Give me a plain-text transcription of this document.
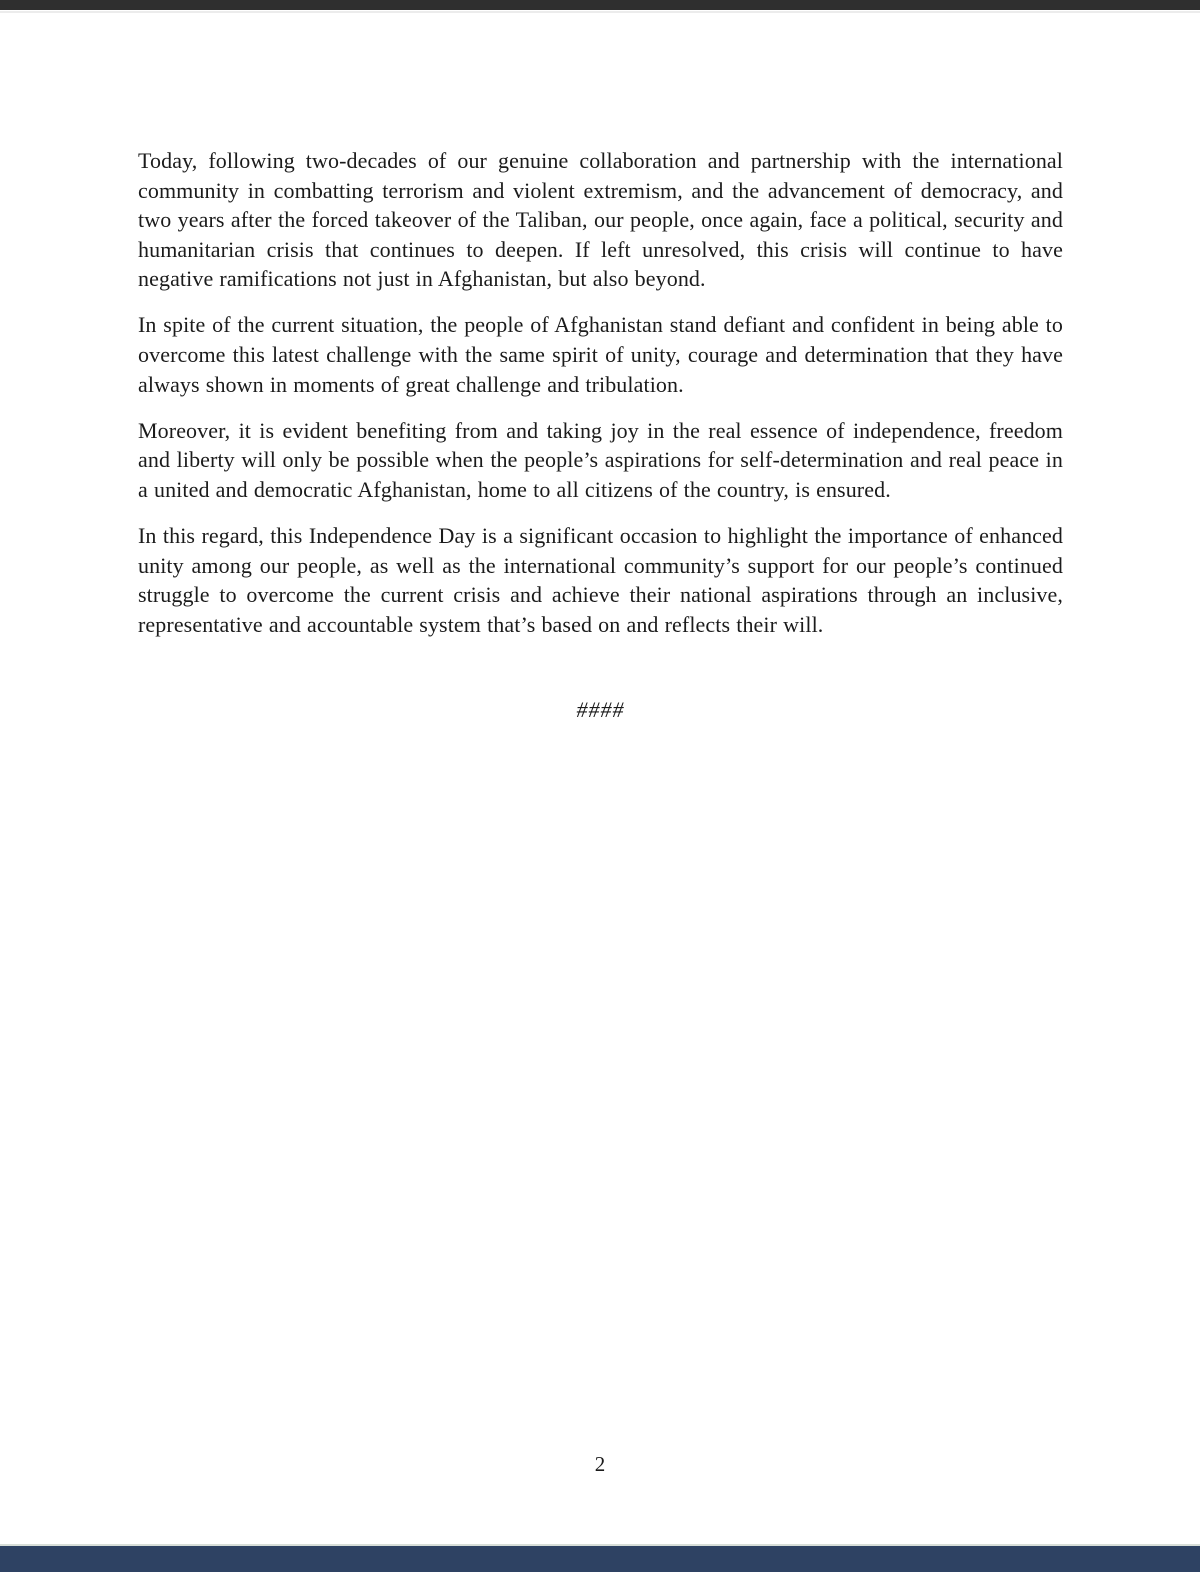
Today, following two-decades of our genuine collaboration and partnership with the international community in combatting terrorism and violent extremism, and the advancement of democracy, and two years after the forced takeover of the Taliban, our people, once again, face a political, security and humanitarian crisis that continues to deepen. If left unresolved, this crisis will continue to have negative ramifications not just in Afghanistan, but also beyond.

In spite of the current situation, the people of Afghanistan stand defiant and confident in being able to overcome this latest challenge with the same spirit of unity, courage and determination that they have always shown in moments of great challenge and tribulation.

Moreover, it is evident benefiting from and taking joy in the real essence of independence, freedom and liberty will only be possible when the people’s aspirations for self-determination and real peace in a united and democratic Afghanistan, home to all citizens of the country, is ensured.

In this regard, this Independence Day is a significant occasion to highlight the importance of enhanced unity among our people, as well as the international community’s support for our people’s continued struggle to overcome the current crisis and achieve their national aspirations through an inclusive, representative and accountable system that’s based on and reflects their will.

####
2
